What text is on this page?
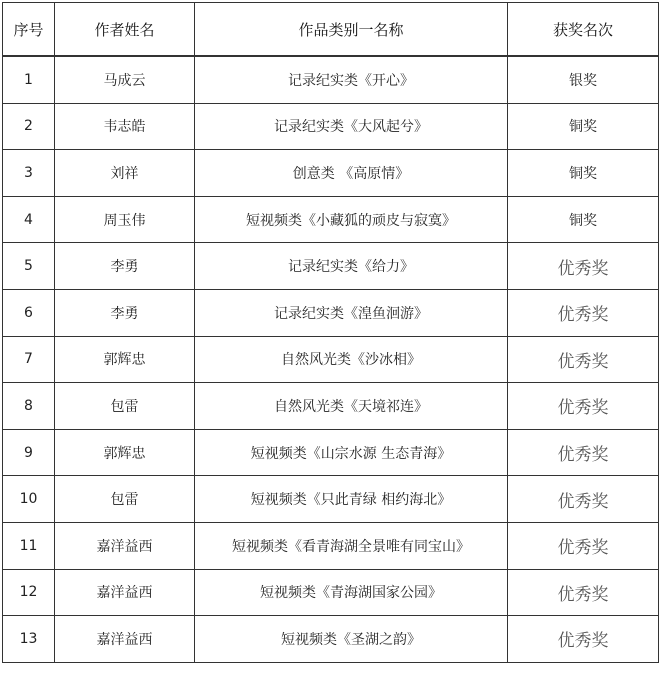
序号	作者姓名	作品类别一名称	获奖名次
1	马成云	记录纪实类《开心》	银奖
2	韦志皓	记录纪实类《大风起兮》	铜奖
3	刘祥	创意类 《高原情》	铜奖
4	周玉伟	短视频类《小藏狐的顽皮与寂寞》	铜奖
5	李勇	记录纪实类《给力》	优秀奖
6	李勇	记录纪实类《湟鱼洄游》	优秀奖
7	郭辉忠	自然风光类《沙冰相》	优秀奖
8	包雷	自然风光类《天境祁连》	优秀奖
9	郭辉忠	短视频类《山宗水源 生态青海》	优秀奖
10	包雷	短视频类《只此青绿 相约海北》	优秀奖
11	嘉洋益西	短视频类《看青海湖全景唯有同宝山》	优秀奖
12	嘉洋益西	短视频类《青海湖国家公园》	优秀奖
13	嘉洋益西	短视频类《圣湖之韵》	优秀奖
